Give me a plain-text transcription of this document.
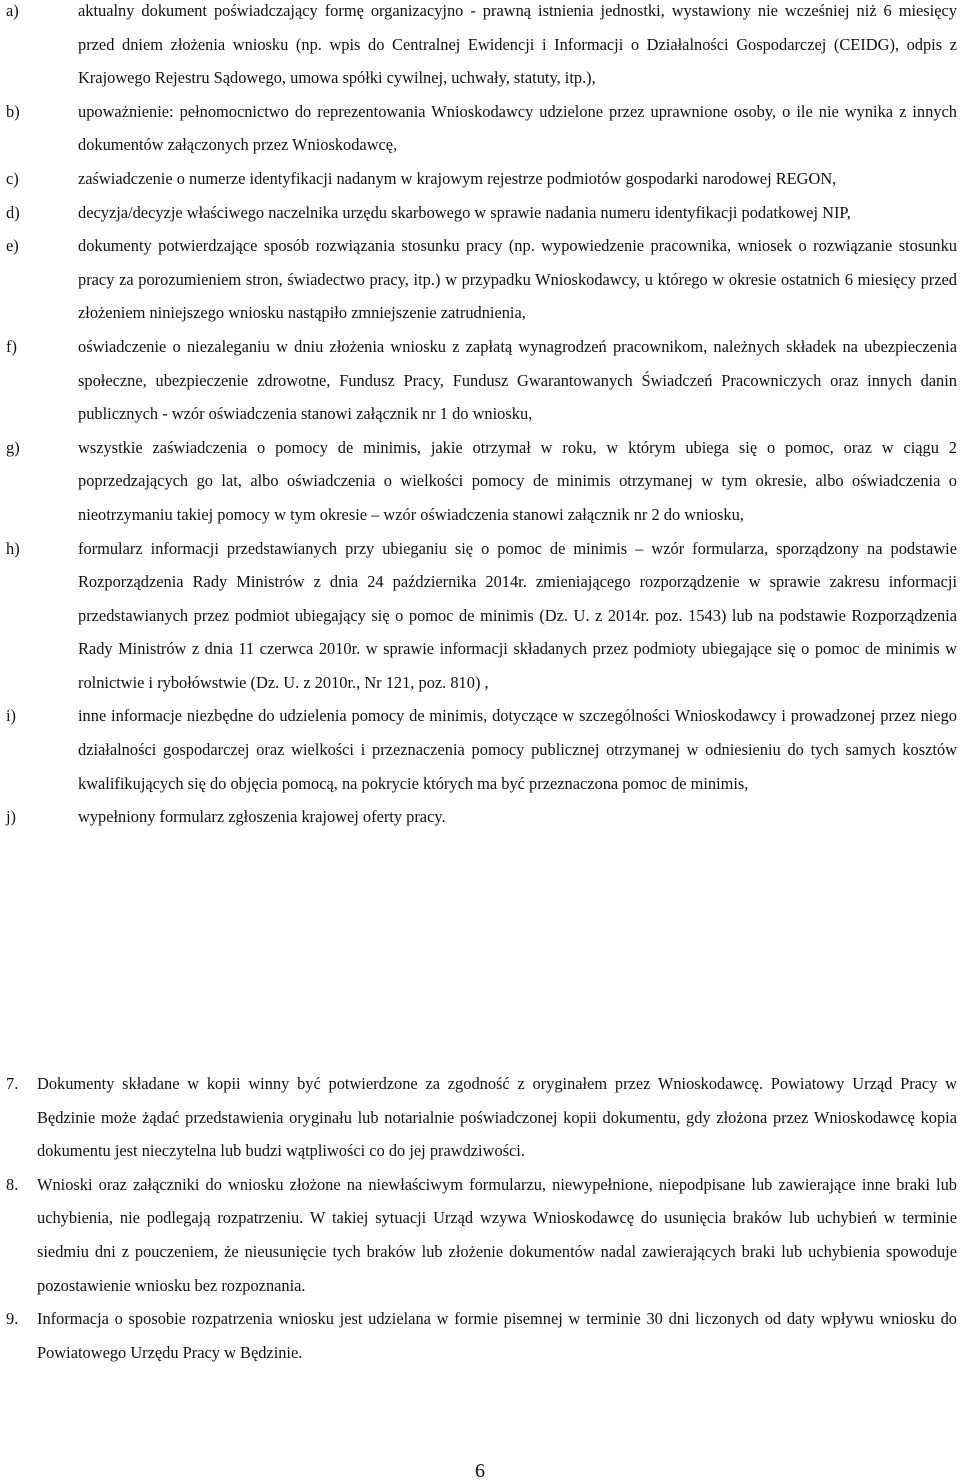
a)	aktualny dokument poświadczający formę organizacyjno - prawną istnienia jednostki, wystawiony nie wcześniej niż 6 miesięcy przed dniem złożenia wniosku (np. wpis do Centralnej Ewidencji i Informacji o Działalności Gospodarczej (CEIDG), odpis z Krajowego Rejestru Sądowego, umowa spółki cywilnej, uchwały, statuty, itp.),
b)	upoważnienie: pełnomocnictwo do reprezentowania Wnioskodawcy udzielone przez uprawnione osoby, o ile nie wynika z innych dokumentów załączonych przez Wnioskodawcę,
c)	zaświadczenie o numerze identyfikacji nadanym w krajowym rejestrze podmiotów gospodarki narodowej REGON,
d)	decyzja/decyzje właściwego naczelnika urzędu skarbowego w sprawie nadania numeru identyfikacji podatkowej NIP,
e)	dokumenty potwierdzające sposób rozwiązania stosunku pracy (np. wypowiedzenie pracownika, wniosek o rozwiązanie stosunku pracy za porozumieniem stron, świadectwo pracy, itp.) w przypadku Wnioskodawcy, u którego w okresie ostatnich 6 miesięcy przed złożeniem niniejszego wniosku nastąpiło zmniejszenie zatrudnienia,
f)	oświadczenie o niezaleganiu w dniu złożenia wniosku z zapłatą wynagrodzeń pracownikom, należnych składek na ubezpieczenia społeczne, ubezpieczenie zdrowotne, Fundusz Pracy, Fundusz Gwarantowanych Świadczeń Pracowniczych oraz innych danin publicznych - wzór oświadczenia stanowi załącznik nr 1 do wniosku,
g)	wszystkie zaświadczenia o pomocy de minimis, jakie otrzymał w roku, w którym ubiega się o pomoc, oraz w ciągu 2 poprzedzających go lat, albo oświadczenia o wielkości pomocy de minimis otrzymanej w tym okresie, albo oświadczenia o nieotrzymaniu takiej pomocy w tym okresie – wzór oświadczenia stanowi załącznik nr 2 do wniosku,
h)	formularz informacji przedstawianych przy ubieganiu się o pomoc de minimis – wzór formularza, sporządzony na podstawie Rozporządzenia Rady Ministrów z dnia 24 października 2014r. zmieniającego rozporządzenie w sprawie zakresu informacji przedstawianych przez podmiot ubiegający się o pomoc de minimis (Dz. U. z 2014r. poz. 1543) lub na podstawie Rozporządzenia Rady Ministrów z dnia 11 czerwca 2010r. w sprawie informacji składanych przez podmioty ubiegające się o pomoc de minimis w rolnictwie i rybołówstwie (Dz. U. z 2010r., Nr 121, poz. 810) ,
i)	inne informacje niezbędne do udzielenia pomocy de minimis, dotyczące w szczególności Wnioskodawcy i prowadzonej przez niego działalności gospodarczej oraz wielkości i przeznaczenia pomocy publicznej otrzymanej w odniesieniu do tych samych kosztów kwalifikujących się do objęcia pomocą, na pokrycie których ma być przeznaczona pomoc de minimis,
j)	wypełniony formularz zgłoszenia krajowej oferty pracy.
7. Dokumenty składane w kopii winny być potwierdzone za zgodność z oryginałem przez Wnioskodawcę. Powiatowy Urząd Pracy w Będzinie może żądać przedstawienia oryginału lub notarialnie poświadczonej kopii dokumentu, gdy złożona przez Wnioskodawcę kopia dokumentu jest nieczytelna lub budzi wątpliwości co do jej prawdziwości.
8. Wnioski oraz załączniki do wniosku złożone na niewłaściwym formularzu, niewypełnione, niepodpisane lub zawierające inne braki lub uchybienia, nie podlegają rozpatrzeniu. W takiej sytuacji Urząd wzywa Wnioskodawcę do usunięcia braków lub uchybień w terminie siedmiu dni z pouczeniem, że nieusunięcie tych braków lub złożenie dokumentów nadal zawierających braki lub uchybienia spowoduje pozostawienie wniosku bez rozpoznania.
9. Informacja o sposobie rozpatrzenia wniosku jest udzielana w formie pisemnej w terminie 30 dni liczonych od daty wpływu wniosku do Powiatowego Urzędu Pracy w Będzinie.
6
